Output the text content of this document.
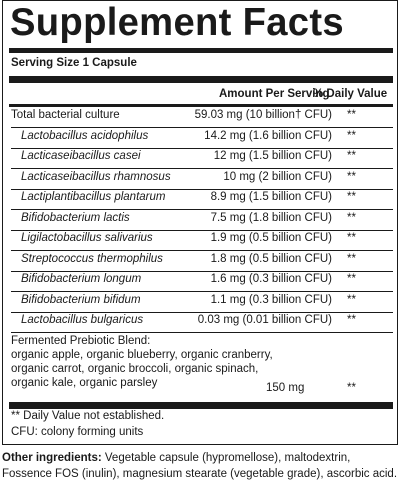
Supplement Facts
Serving Size 1 Capsule
Amount Per Serving
% Daily Value
Total bacterial culture	59.03 mg (10 billion† CFU) **
Lactobacillus acidophilus	14.2 mg (1.6 billion CFU) **
Lacticaseibacillus casei	12 mg (1.5 billion CFU) **
Lacticaseibacillus rhamnosus	10 mg (2 billion CFU) **
Lactiplantibacillus plantarum	8.9 mg (1.5 billion CFU) **
Bifidobacterium lactis	7.5 mg (1.8 billion CFU) **
Ligilactobacillus salivarius	1.9 mg (0.5 billion CFU) **
Streptococcus thermophilus	1.8 mg (0.5 billion CFU) **
Bifidobacterium longum	1.6 mg (0.3 billion CFU) **
Bifidobacterium bifidum	1.1 mg (0.3 billion CFU) **
Lactobacillus bulgaricus	0.03 mg (0.01 billion CFU) **
Fermented Prebiotic Blend:
organic apple, organic blueberry, organic cranberry,
organic carrot, organic broccoli, organic spinach,
organic kale, organic parsley	150 mg	**
** Daily Value not established.
CFU: colony forming units
Other ingredients: Vegetable capsule (hypromellose), maltodextrin, Fossence FOS (inulin), magnesium stearate (vegetable grade), ascorbic acid.
